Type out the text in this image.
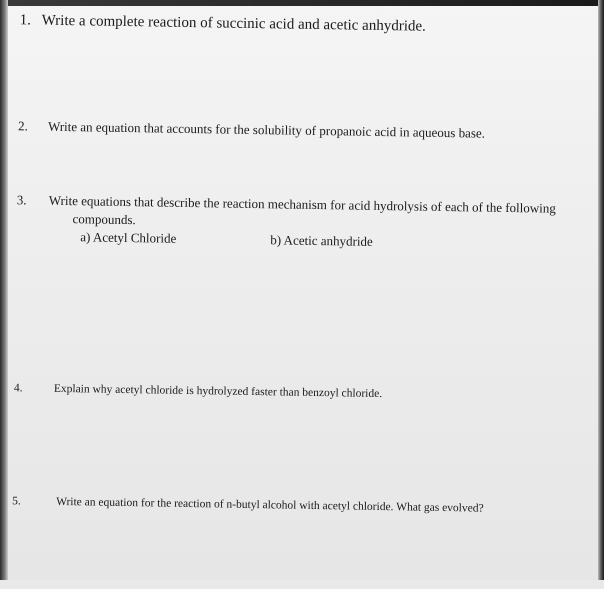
1. Write a complete reaction of succinic acid and acetic anhydride.
2. Write an equation that accounts for the solubility of propanoic acid in aqueous base.
3. Write equations that describe the reaction mechanism for acid hydrolysis of each of the following
compounds.
a) Acetyl Chloride	b) Acetic anhydride
4.	Explain why acetyl chloride is hydrolyzed faster than benzoyl chloride.
5.	Write an equation for the reaction of n-butyl alcohol with acetyl chloride. What gas evolved?
